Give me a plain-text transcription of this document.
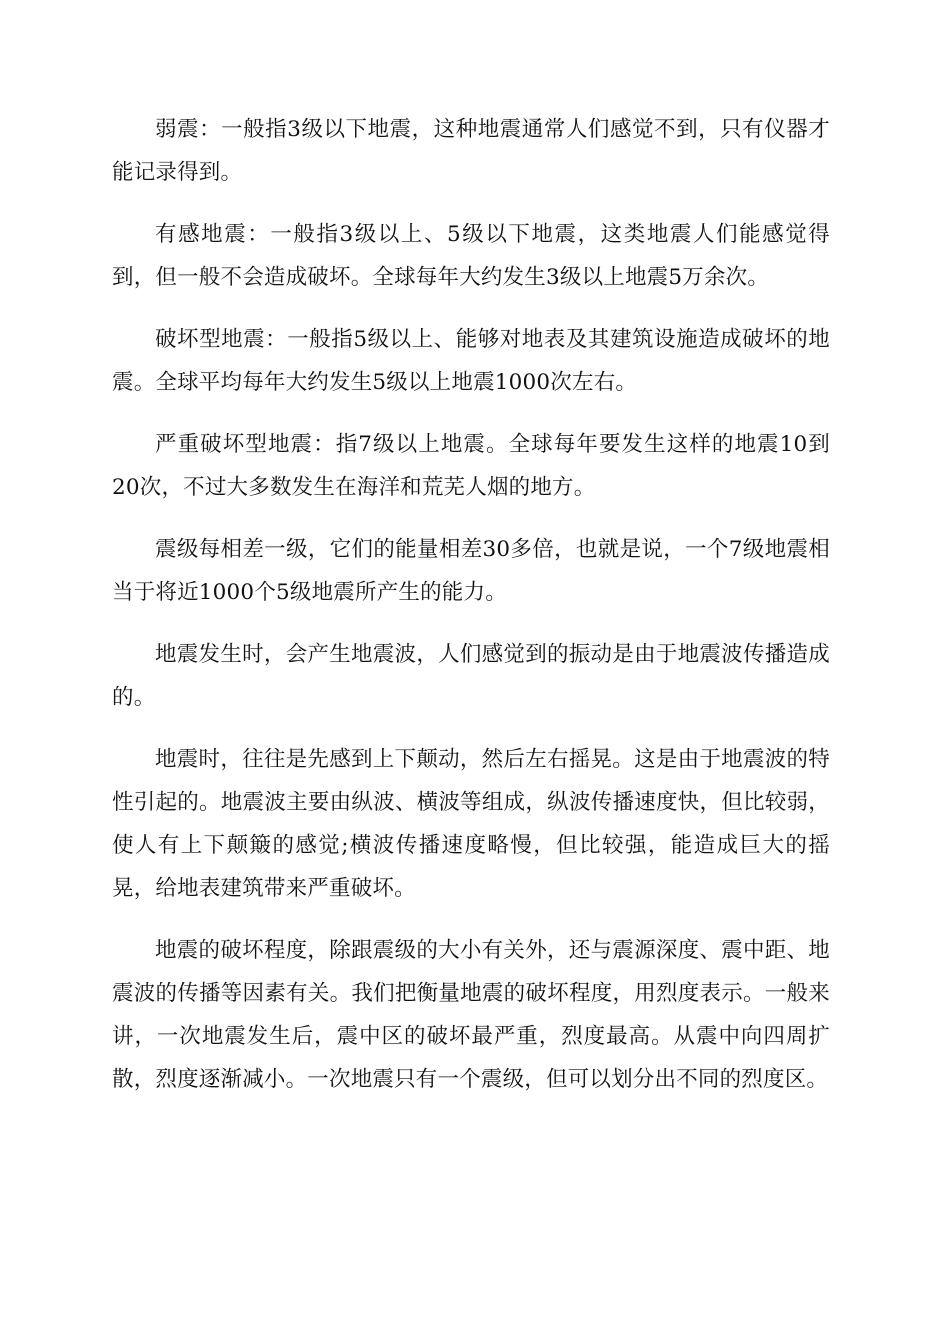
弱震：一般指3级以下地震，这种地震通常人们感觉不到，只有仪器才能记录得到。

有感地震：一般指3级以上、5级以下地震，这类地震人们能感觉得到，但一般不会造成破坏。全球每年大约发生3级以上地震5万余次。

破坏型地震：一般指5级以上、能够对地表及其建筑设施造成破坏的地震。全球平均每年大约发生5级以上地震1000次左右。

严重破坏型地震：指7级以上地震。全球每年要发生这样的地震10到20次，不过大多数发生在海洋和荒芜人烟的地方。

震级每相差一级，它们的能量相差30多倍，也就是说，一个7级地震相当于将近1000个5级地震所产生的能力。

地震发生时，会产生地震波，人们感觉到的振动是由于地震波传播造成的。

地震时，往往是先感到上下颠动，然后左右摇晃。这是由于地震波的特性引起的。地震波主要由纵波、横波等组成，纵波传播速度快，但比较弱，使人有上下颠簸的感觉;横波传播速度略慢，但比较强，能造成巨大的摇晃，给地表建筑带来严重破坏。

地震的破坏程度，除跟震级的大小有关外，还与震源深度、震中距、地震波的传播等因素有关。我们把衡量地震的破坏程度，用烈度表示。一般来讲，一次地震发生后，震中区的破坏最严重，烈度最高。从震中向四周扩散，烈度逐渐减小。一次地震只有一个震级，但可以划分出不同的烈度区。
